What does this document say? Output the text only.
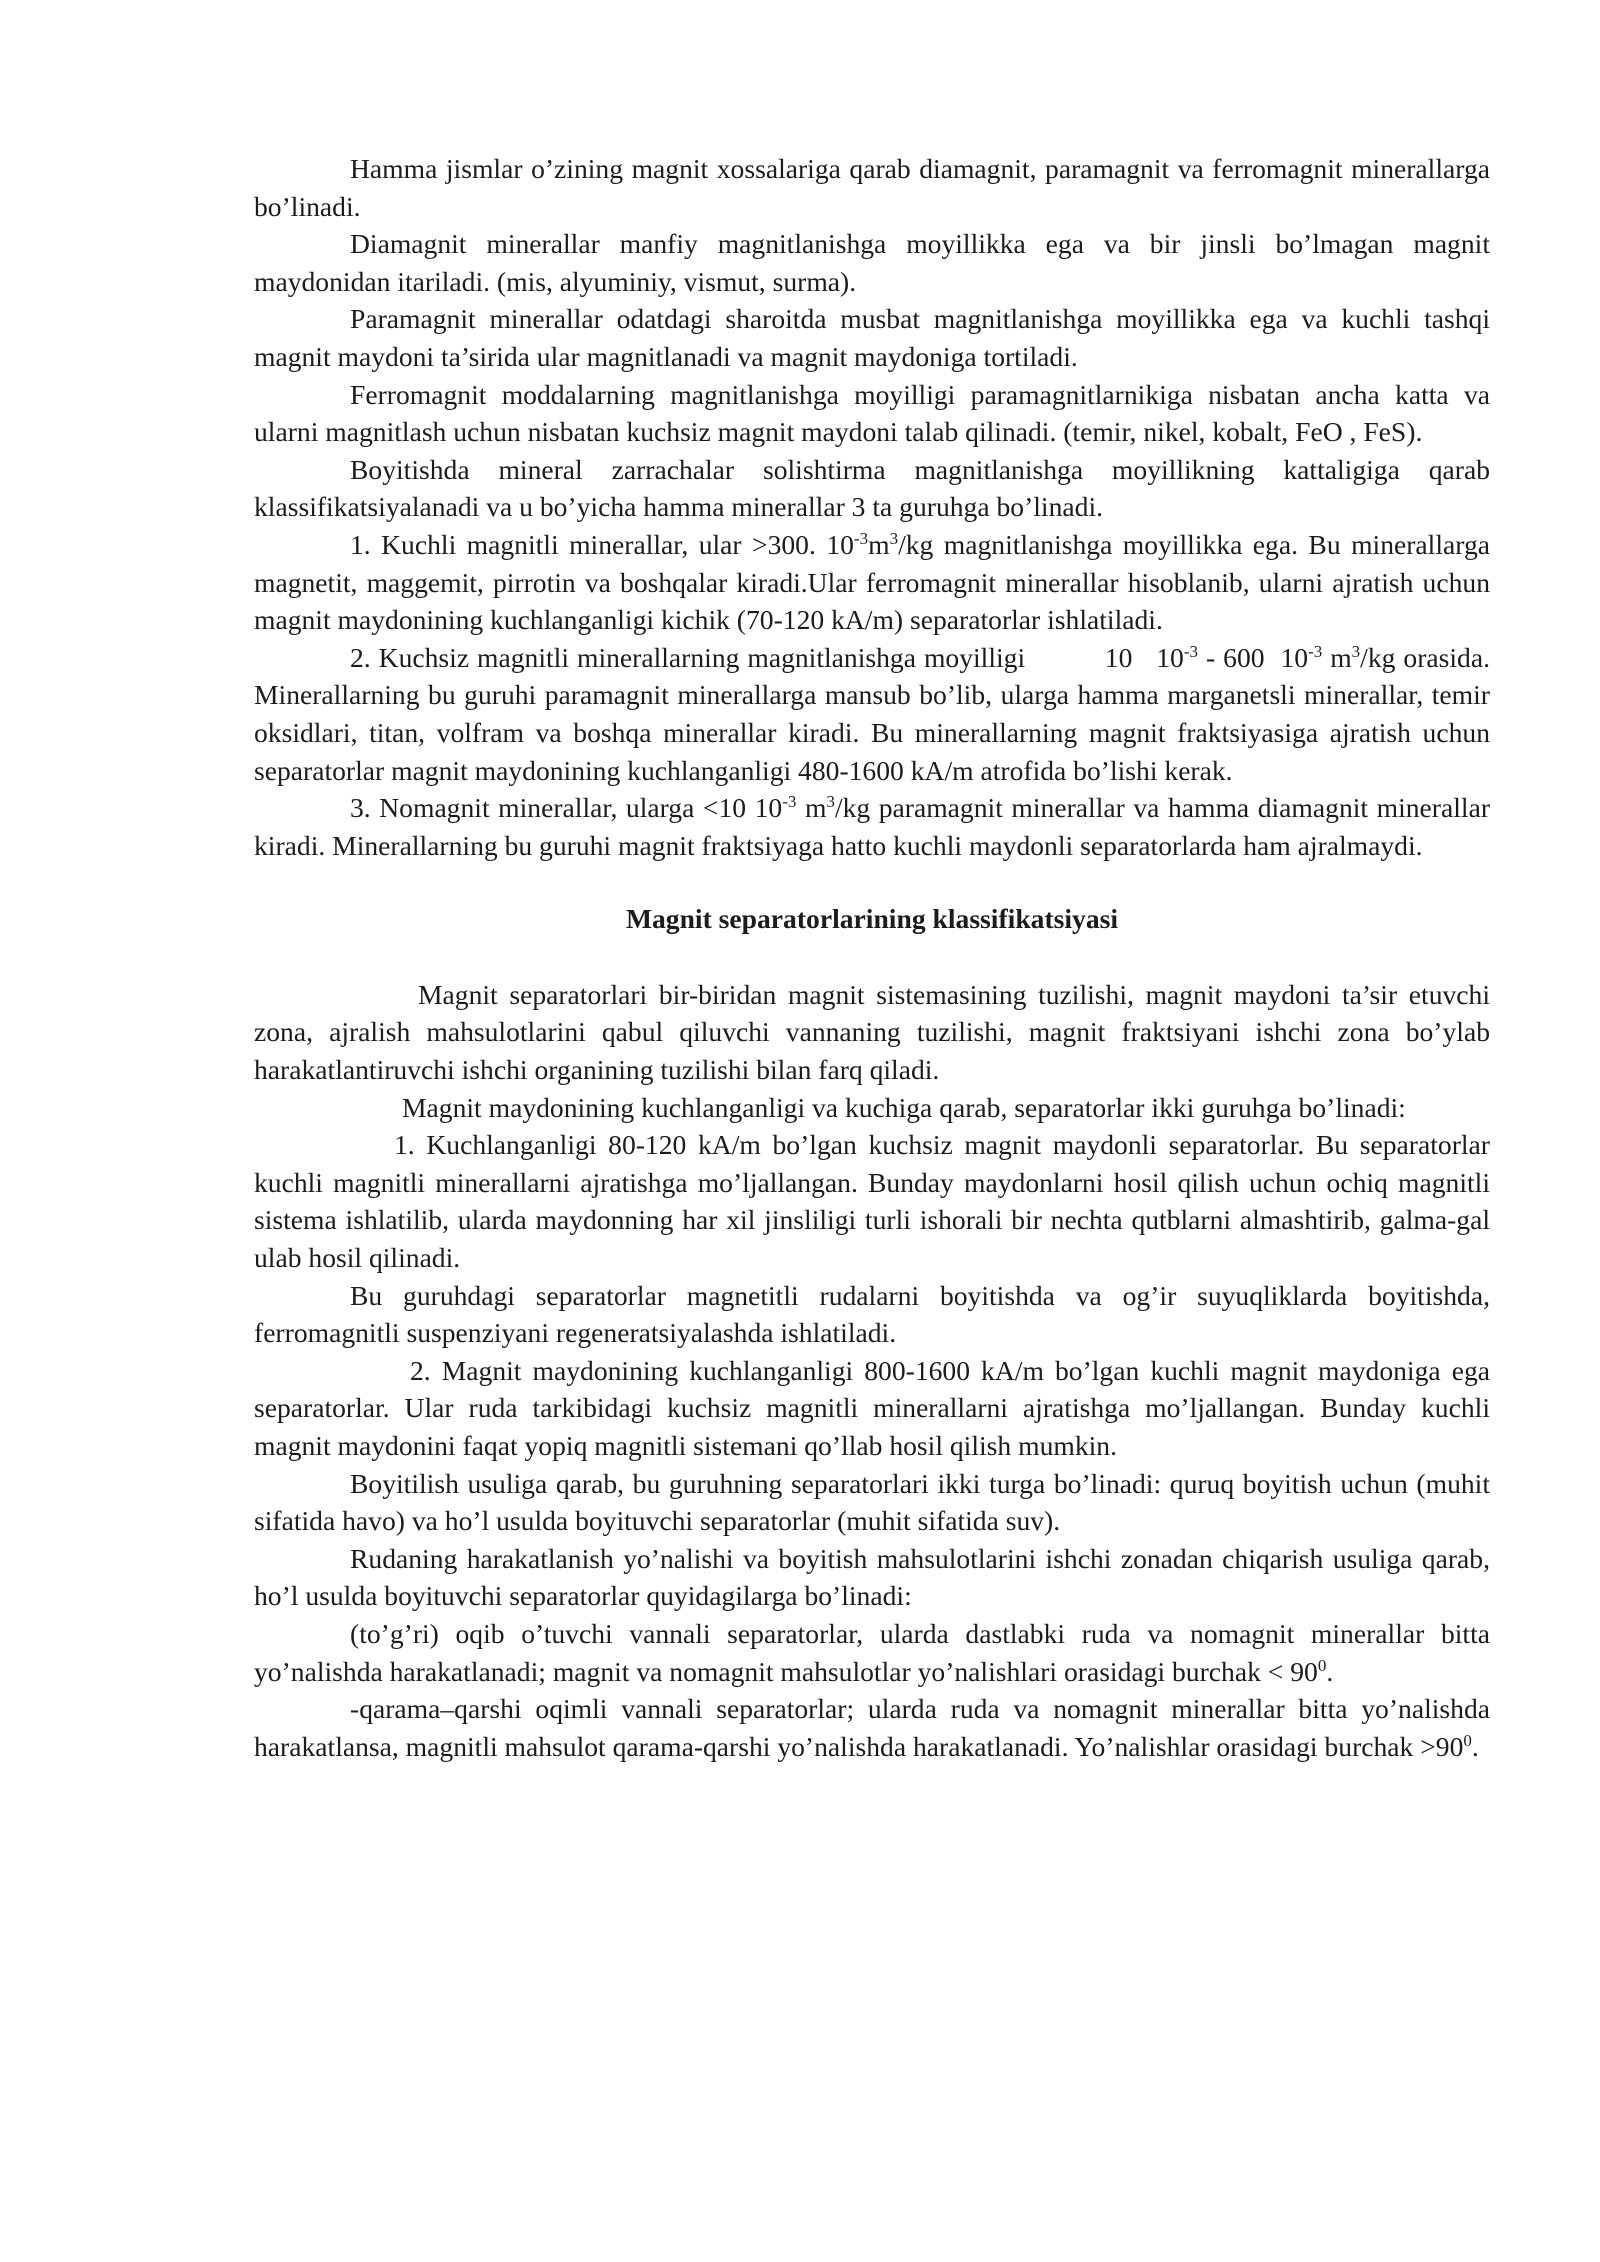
Hamma jismlar o’zining magnit xossalariga qarab diamagnit, paramagnit va ferromagnit minerallarga bo’linadi.

Diamagnit minerallar manfiy magnitlanishga moyillikka ega va bir jinsli bo’lmagan magnit maydonidan itariladi. (mis, alyuminiy, vismut, surma).

Paramagnit minerallar odatdagi sharoitda musbat magnitlanishga moyillikka ega va kuchli tashqi magnit maydoni ta’sirida ular magnitlanadi va magnit maydoniga tortiladi.

Ferromagnit moddalarning magnitlanishga moyilligi paramagnitlarnikiga nisbatan ancha katta va ularni magnitlash uchun nisbatan kuchsiz magnit maydoni talab qilinadi. (temir, nikel, kobalt, FeO , FeS).

Boyitishda mineral zarrachalar solishtirma magnitlanishga moyillikning kattaligiga qarab klassifikatsiyalanadi va u bo’yicha hamma minerallar 3 ta guruhga bo’linadi.

1. Kuchli magnitli minerallar, ular >300. $10^{-3}m^3/kg$ magnitlanishga moyillikka ega. Bu minerallarga magnetit, maggemit, pirrotin va boshqalar kiradi.Ular ferromagnit minerallar hisoblanib, ularni ajratish uchun magnit maydonining kuchlanganligi kichik (70-120 kA/m) separatorlar ishlatiladi.

2. Kuchsiz magnitli minerallarning magnitlanishga moyilligi          10   $10^{-3} - 600$  $10^{-3}$ $m^3/kg$ orasida. Minerallarning bu guruhi paramagnit minerallarga mansub bo’lib, ularga hamma marganetsli minerallar, temir oksidlari, titan, volfram va boshqa minerallar kiradi. Bu minerallarning magnit fraktsiyasiga ajratish uchun separatorlar magnit maydonining kuchlanganligi 480-1600 kA/m atrofida bo’lishi kerak.

3. Nomagnit minerallar, ularga <10 $10^{-3}$ $m^3/kg$ paramagnit minerallar va hamma diamagnit minerallar kiradi. Minerallarning bu guruhi magnit fraktsiyaga hatto kuchli maydonli separatorlarda ham ajralmaydi.

Magnit separatorlarining klassifikatsiyasi

Magnit separatorlari bir-biridan magnit sistemasining tuzilishi, magnit maydoni ta’sir etuvchi zona, ajralish mahsulotlarini qabul qiluvchi vannaning tuzilishi, magnit fraktsiyani ishchi zona bo’ylab harakatlantiruvchi ishchi organining tuzilishi bilan farq qiladi.

Magnit maydonining kuchlanganligi va kuchiga qarab, separatorlar ikki guruhga bo’linadi:

1. Kuchlanganligi 80-120 kA/m bo’lgan kuchsiz magnit maydonli separatorlar. Bu separatorlar kuchli magnitli minerallarni ajratishga mo’ljallangan. Bunday maydonlarni hosil qilish uchun ochiq magnitli sistema ishlatilib, ularda maydonning har xil jinsliligi turli ishorali bir nechta qutblarni almashtirib, galma-gal ulab hosil qilinadi.

Bu guruhdagi separatorlar magnetitli rudalarni boyitishda va og’ir suyuqliklarda boyitishda, ferromagnitli suspenziyani regeneratsiyalashda ishlatiladi.

2. Magnit maydonining kuchlanganligi 800-1600 kA/m bo’lgan kuchli magnit maydoniga ega separatorlar. Ular ruda tarkibidagi kuchsiz magnitli minerallarni ajratishga mo’ljallangan. Bunday kuchli magnit maydonini faqat yopiq magnitli sistemani qo’llab hosil qilish mumkin.

Boyitilish usuliga qarab, bu guruhning separatorlari ikki turga bo’linadi: quruq boyitish uchun (muhit sifatida havo) va ho’l usulda boyituvchi separatorlar (muhit sifatida suv).

Rudaning harakatlanish yo’nalishi va boyitish mahsulotlarini ishchi zonadan chiqarish usuliga qarab, ho’l usulda boyituvchi separatorlar quyidagilarga bo’linadi:

(to’g’ri) oqib o’tuvchi vannali separatorlar, ularda dastlabki ruda va nomagnit minerallar bitta yo’nalishda harakatlanadi; magnit va nomagnit mahsulotlar yo’nalishlari orasidagi burchak < $90^0$.

-qarama–qarshi oqimli vannali separatorlar; ularda ruda va nomagnit minerallar bitta yo’nalishda harakatlansa, magnitli mahsulot qarama-qarshi yo’nalishda harakatlanadi. Yo’nalishlar orasidagi burchak $>90^0$.
